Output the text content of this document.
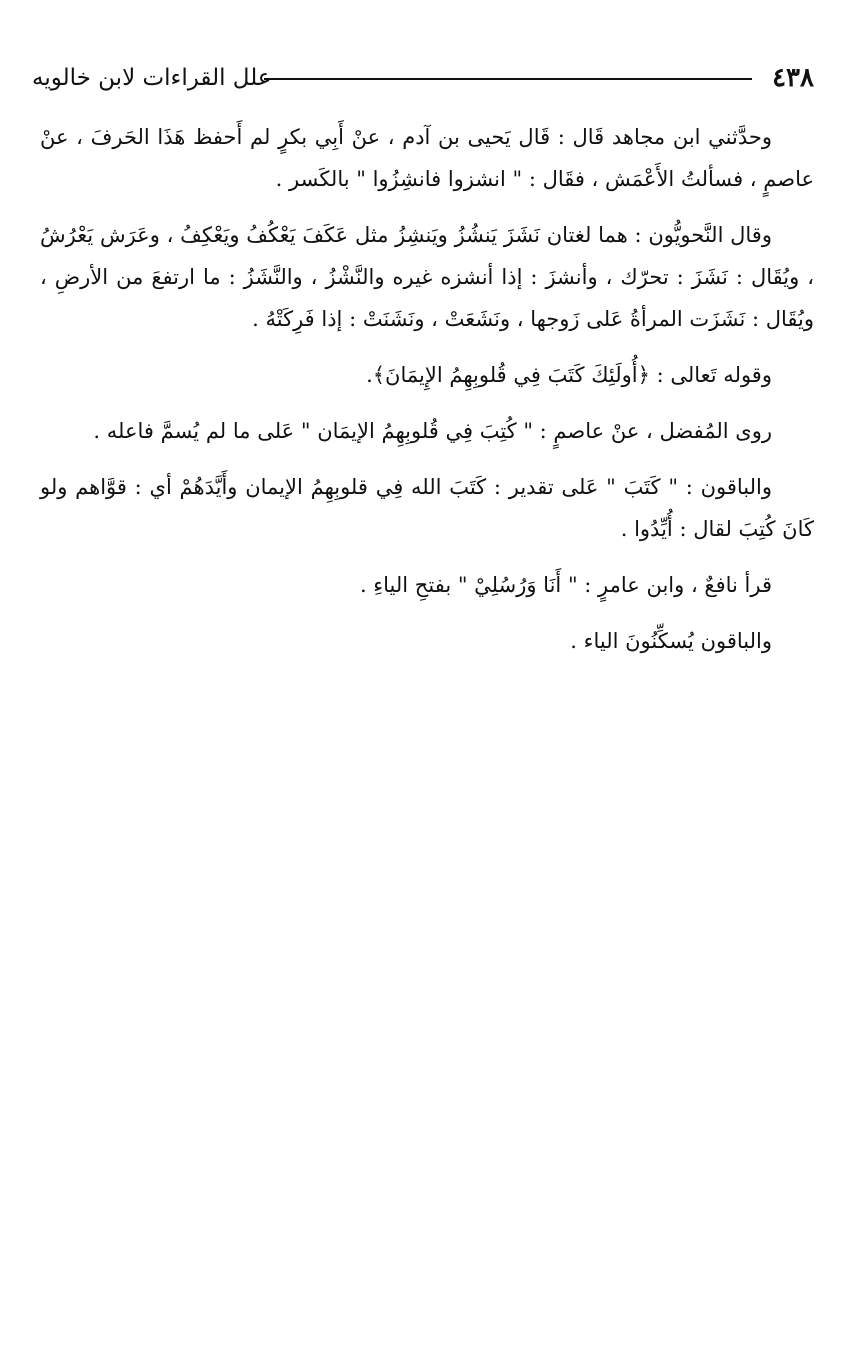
٤٣٨
علل القراءات لابن خالويه

وحدَّثني ابن مجاهد قَال : قَال يَحيى بن آدم ، عنْ أَبِي بكرٍ لم أَحفظ هَذَا الحَرفَ ، عنْ عاصمٍ ، فسألتُ الأَعْمَش ، فقَال : " انشزوا فانشِزُوا " بالكَسر .

وقال النَّحويُّون : هما لغتان نَشَزَ يَنشُزُ ويَنشِزُ مثل عَكَفَ يَعْكُفُ ويَعْكِفُ ، وعَرَش يَعْرُشُ ، ويُقَال : نَشَزَ : تحرّك ، وأنشزَ : إذا أنشزه غيره والنَّشْزُ ، والنَّشَزُ : ما ارتفعَ من الأرضِ ، ويُقَال : نَشَزَت المرأةُ عَلى زَوجها ، ونَشَعَتْ ، ونَشَنَتْ : إذا فَرِكَتْهُ .

وقوله تَعالى : ﴿أُولَئِكَ كَتَبَ فِي قُلوبِهِمُ الإِيمَانَ﴾.

روى المُفضل ، عنْ عاصمٍ : " كُتِبَ فِي قُلوبِهِمُ الإيمَان " عَلى ما لم يُسمَّ فاعله .

والباقون : " كَتَبَ " عَلى تقدير : كَتَبَ الله فِي قلوبِهِمُ الإيمان وأَيَّدَهُمْ أي : قوَّاهم ولو كَانَ كُتِبَ لقال : أُيِّدُوا .

قرأ نافعٌ ، وابن عامرٍ : " أَنَا وَرُسُلِيْ " بفتحِ الياءِ .

والباقون يُسكِّنُونَ الياء .
